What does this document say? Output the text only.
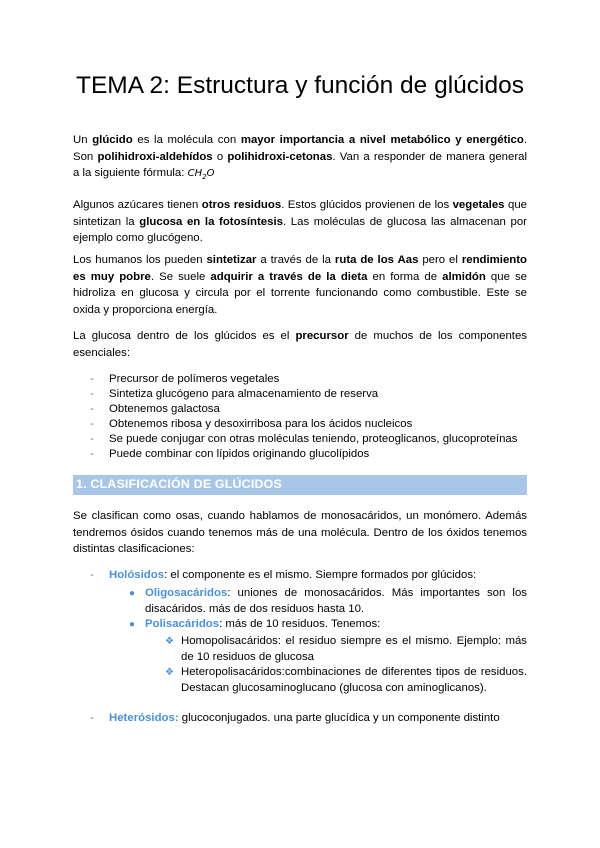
TEMA 2: Estructura y función de glúcidos

Un glúcido es la molécula con mayor importancia a nivel metabólico y energético. Son polihidroxi-aldehídos o polihidroxi-cetonas. Van a responder de manera general a la siguiente fórmula: $CH_2O$

Algunos azúcares tienen otros residuos. Estos glúcidos provienen de los vegetales que sintetizan la glucosa en la fotosíntesis. Las moléculas de glucosa las almacenan por ejemplo como glucógeno.

Los humanos los pueden sintetizar a través de la ruta de los Aas pero el rendimiento es muy pobre. Se suele adquirir a través de la dieta en forma de almidón que se hidroliza en glucosa y circula por el torrente funcionando como combustible. Este se oxida y proporciona energía.

La glucosa dentro de los glúcidos es el precursor de muchos de los componentes esenciales:

- Precursor de polímeros vegetales
- Sintetiza glucógeno para almacenamiento de reserva
- Obtenemos galactosa
- Obtenemos ribosa y desoxirribosa para los ácidos nucleicos
- Se puede conjugar con otras moléculas teniendo, proteoglicanos, glucoproteínas
- Puede combinar con lípidos originando glucolípidos
1. CLASIFICACIÓN DE GLÚCIDOS

Se clasifican como osas, cuando hablamos de monosacáridos, un monómero. Además tendremos ósidos cuando tenemos más de una molécula. Dentro de los óxidos tenemos distintas clasificaciones:

- Holósidos: el componente es el mismo. Siempre formados por glúcidos:
● Oligosacáridos: uniones de monosacáridos. Más importantes son los disacáridos. más de dos residuos hasta 10.
● Polisacáridos: más de 10 residuos. Tenemos:
❖ Homopolisacáridos: el residuo siempre es el mismo. Ejemplo: más de 10 residuos de glucosa
❖ Heteropolisacáridos:combinaciones de diferentes tipos de residuos. Destacan glucosaminoglucano (glucosa con aminoglicanos).
- Heterósidos: glucoconjugados. una parte glucídica y un componente distinto
